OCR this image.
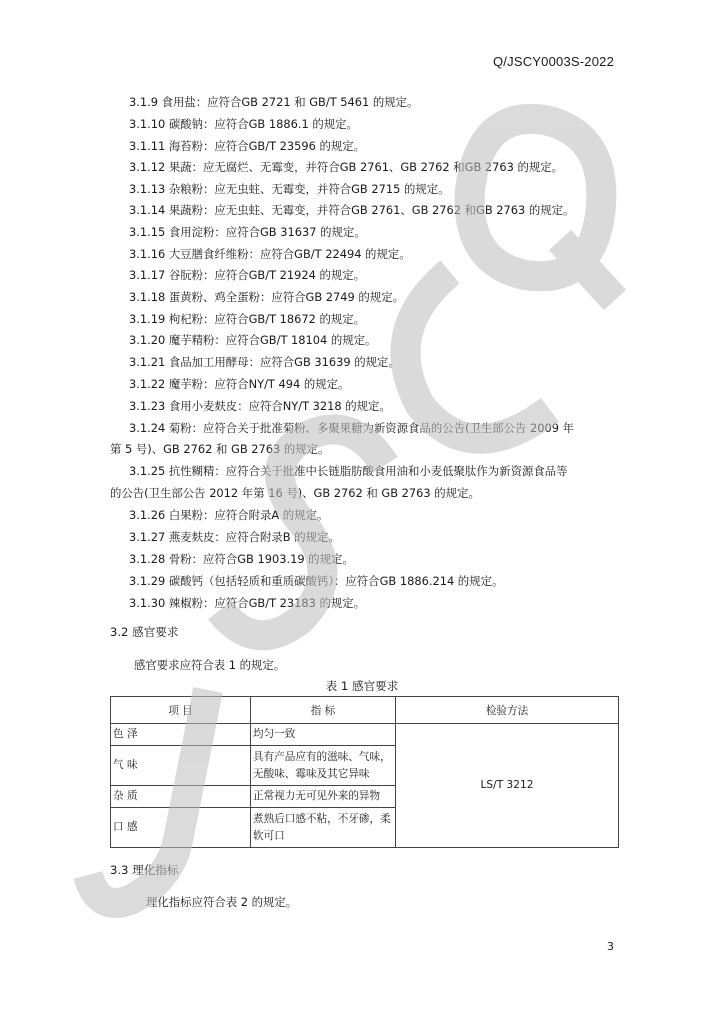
Q/JSCY0003S-2022
3.1.9 食用盐：应符合GB 2721 和 GB/T 5461 的规定。
3.1.10 碳酸钠：应符合GB 1886.1 的规定。
3.1.11 海苔粉：应符合GB/T 23596 的规定。
3.1.12 果蔬：应无腐烂、无霉变，并符合GB 2761、GB 2762 和GB 2763 的规定。
3.1.13 杂粮粉：应无虫蛀、无霉变，并符合GB 2715 的规定。
3.1.14 果蔬粉：应无虫蛀、无霉变，并符合GB 2761、GB 2762 和GB 2763 的规定。
3.1.15 食用淀粉：应符合GB 31637 的规定。
3.1.16 大豆膳食纤维粉：应符合GB/T 22494 的规定。
3.1.17 谷朊粉：应符合GB/T 21924 的规定。
3.1.18 蛋黄粉、鸡全蛋粉：应符合GB 2749 的规定。
3.1.19 枸杞粉：应符合GB/T 18672 的规定。
3.1.20 魔芋精粉：应符合GB/T 18104 的规定。
3.1.21 食品加工用酵母：应符合GB 31639 的规定。
3.1.22 魔芋粉：应符合NY/T 494 的规定。
3.1.23 食用小麦麸皮：应符合NY/T 3218 的规定。
3.1.24 菊粉：应符合关于批准菊粉、多聚果糖为新资源食品的公告(卫生部公告 2009 年
第 5 号)、GB 2762 和 GB 2763 的规定。
3.1.25 抗性糊精：应符合关于批准中长链脂肪酸食用油和小麦低聚肽作为新资源食品等
的公告(卫生部公告 2012 年第 16 号)、GB 2762 和 GB 2763 的规定。
3.1.26 白果粉：应符合附录A 的规定。
3.1.27 燕麦麸皮：应符合附录B 的规定。
3.1.28 骨粉：应符合GB 1903.19 的规定。
3.1.29 碳酸钙（包括轻质和重质碳酸钙）：应符合GB 1886.214 的规定。
3.1.30 辣椒粉：应符合GB/T 23183 的规定。
3.2 感官要求
感官要求应符合表 1 的规定。
表 1 感官要求
项 目	指 标	检验方法
色 泽	均匀一致	LS/T 3212
气 味	具有产品应有的滋味、气味，无酸味、霉味及其它异味	
杂 质	正常视力无可见外来的异物	
口 感	煮熟后口感不粘，不牙碜，柔软可口	
3.3 理化指标
理化指标应符合表 2 的规定。
3
